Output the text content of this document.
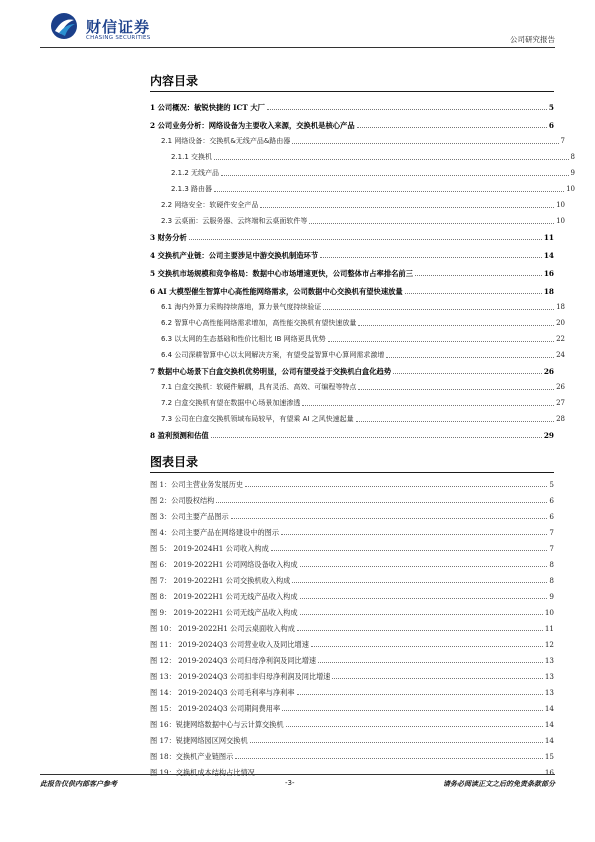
财信证券
CHASING SECURITIES	公司研究报告
内容目录
1 公司概况：敏锐快捷的 ICT 大厂	5
2 公司业务分析：网络设备为主要收入来源，交换机是核心产品	6
2.1 网络设备：交换机&无线产品&路由器	7
2.1.1 交换机	8
2.1.2 无线产品	9
2.1.3 路由器	10
2.2 网络安全：软硬件安全产品	10
2.3 云桌面：云服务器、云终端和云桌面软件等	10
3 财务分析	11
4 交换机产业链：公司主要涉足中游交换机制造环节	14
5 交换机市场规模和竞争格局：数据中心市场增速更快，公司整体市占率排名前三	16
6 AI 大模型催生智算中心高性能网络需求，公司数据中心交换机有望快速放量	18
6.1 海内外算力采购持续落地，算力景气度持续验证	18
6.2 智算中心高性能网络需求增加，高性能交换机有望快速放量	20
6.3 以太网的生态基础和性价比相比 IB 网络更具优势	22
6.4 公司深耕智算中心以太网解决方案，有望受益智算中心算网需求激增	24
7 数据中心场景下白盒交换机优势明显，公司有望受益于交换机白盒化趋势	26
7.1 白盒交换机：软硬件解耦，具有灵活、高效、可编程等特点	26
7.2 白盒交换机有望在数据中心场景加速渗透	27
7.3 公司在白盒交换机领域布局较早，有望乘 AI 之风快速起量	28
8 盈利预测和估值	29
图表目录
图 1：公司主营业务发展历史	5
图 2：公司股权结构	6
图 3：公司主要产品图示	6
图 4：公司主要产品在网络建设中的图示	7
图 5： 2019-2024H1 公司收入构成	7
图 6： 2019-2022H1 公司网络设备收入构成	8
图 7： 2019-2022H1 公司交换机收入构成	8
图 8： 2019-2022H1 公司无线产品收入构成	9
图 9： 2019-2022H1 公司无线产品收入构成	10
图 10： 2019-2022H1 公司云桌面收入构成	11
图 11： 2019-2024Q3 公司营业收入及同比增速	12
图 12： 2019-2024Q3 公司归母净利润及同比增速	13
图 13： 2019-2024Q3 公司扣非归母净利润及同比增速	13
图 14： 2019-2024Q3 公司毛利率与净利率	13
图 15： 2019-2024Q3 公司期间费用率	14
图 16：锐捷网络数据中心与云计算交换机	14
图 17：锐捷网络园区网交换机	14
图 18：交换机产业链图示	15
图 19：交换机成本结构占比情况	16
此报告仅供内部客户参考	-3-	请务必阅读正文之后的免责条款部分
